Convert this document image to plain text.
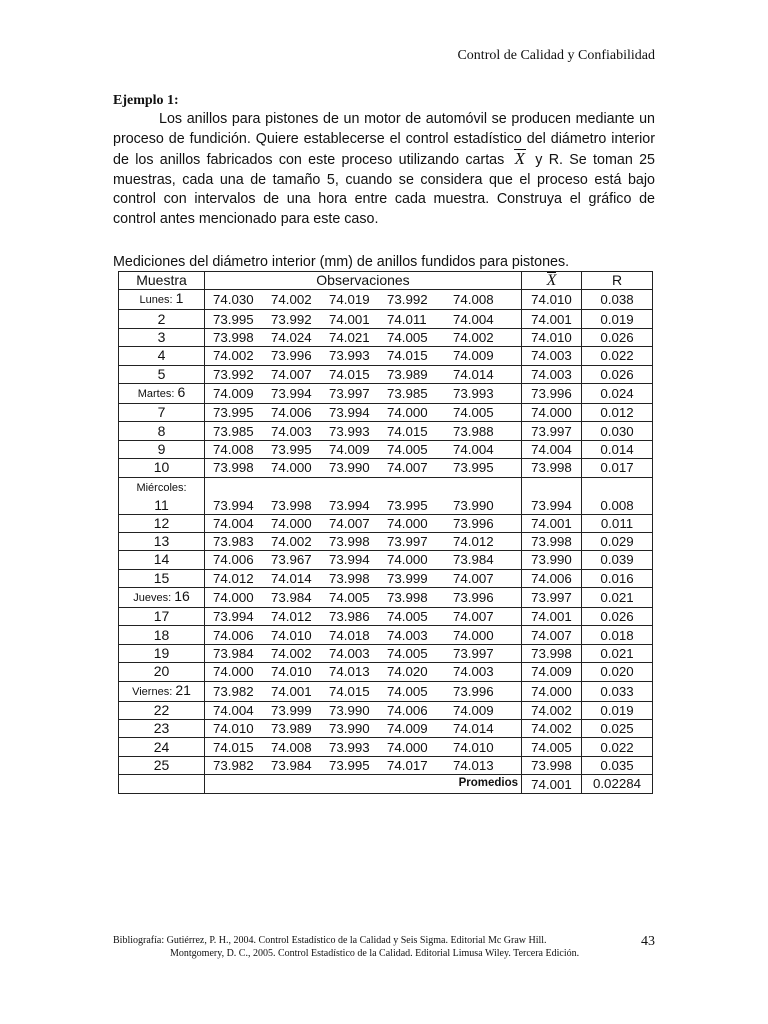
Control de Calidad y Confiabilidad
Ejemplo 1:

Los anillos para pistones de un motor de automóvil se producen mediante un proceso de fundición. Quiere establecerse el control estadístico del diámetro interior de los anillos fabricados con este proceso utilizando cartas X y R. Se toman 25 muestras, cada una de tamaño 5, cuando se considera que el proceso está bajo control con intervalos de una hora entre cada muestra. Construya el gráfico de control antes mencionado para este caso.

Mediciones del diámetro interior (mm) de anillos fundidos para pistones.
Muestra	Observaciones	X	R
Lunes: 1	74.030 74.002 74.019 73.992 74.008	74.010	0.038
2	73.995 73.992 74.001 74.011 74.004	74.001	0.019
3	73.998 74.024 74.021 74.005 74.002	74.010	0.026
4	74.002 73.996 73.993 74.015 74.009	74.003	0.022
5	73.992 74.007 74.015 73.989 74.014	74.003	0.026
Martes: 6	74.009 73.994 73.997 73.985 73.993	73.996	0.024
7	73.995 74.006 73.994 74.000 74.005	74.000	0.012
8	73.985 74.003 73.993 74.015 73.988	73.997	0.030
9	74.008 73.995 74.009 74.005 74.004	74.004	0.014
10	73.998 74.000 73.990 74.007 73.995	73.998	0.017
Miércoles:
11	73.994 73.998 73.994 73.995 73.990	73.994	0.008
12	74.004 74.000 74.007 74.000 73.996	74.001	0.011
13	73.983 74.002 73.998 73.997 74.012	73.998	0.029
14	74.006 73.967 73.994 74.000 73.984	73.990	0.039
15	74.012 74.014 73.998 73.999 74.007	74.006	0.016
Jueves: 16	74.000 73.984 74.005 73.998 73.996	73.997	0.021
17	73.994 74.012 73.986 74.005 74.007	74.001	0.026
18	74.006 74.010 74.018 74.003 74.000	74.007	0.018
19	73.984 74.002 74.003 74.005 73.997	73.998	0.021
20	74.000 74.010 74.013 74.020 74.003	74.009	0.020
Viernes: 21	73.982 74.001 74.015 74.005 73.996	74.000	0.033
22	74.004 73.999 73.990 74.006 74.009	74.002	0.019
23	74.010 73.989 73.990 74.009 74.014	74.002	0.025
24	74.015 74.008 73.993 74.000 74.010	74.005	0.022
25	73.982 73.984 73.995 74.017 74.013	73.998	0.035
	Promedios	74.001	0.02284
Bibliografía: Gutiérrez, P. H., 2004. Control Estadístico de la Calidad y Seis Sigma. Editorial Mc Graw Hill.
Montgomery, D. C., 2005. Control Estadístico de la Calidad. Editorial Limusa Wiley. Tercera Edición.
43
